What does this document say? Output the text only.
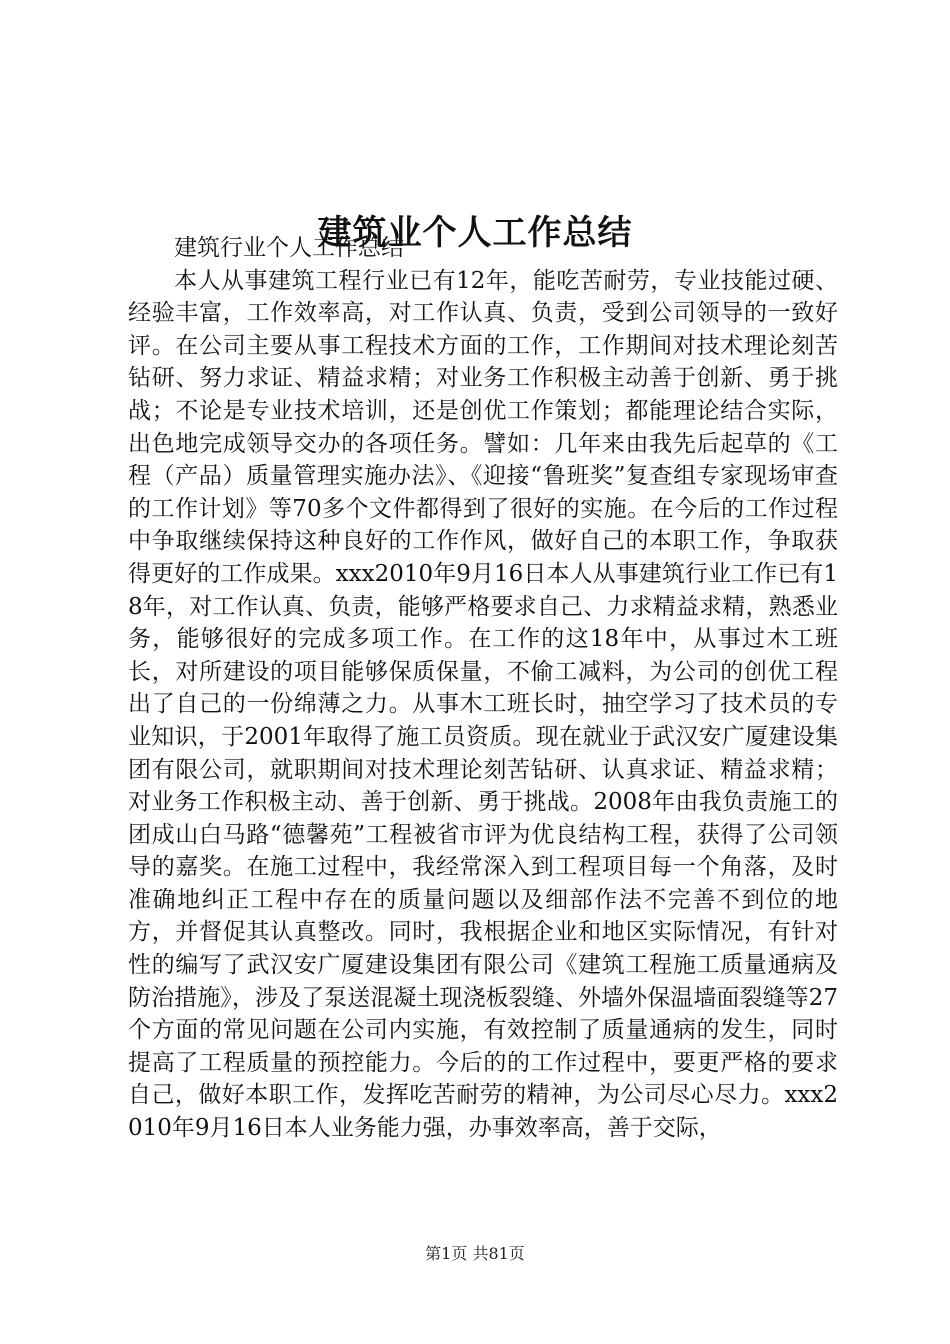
建筑业个人工作总结

建筑行业个人工作总结

本人从事建筑工程行业已有12年，能吃苦耐劳，专业技能过硬、经验丰富，工作效率高，对工作认真、负责，受到公司领导的一致好评。在公司主要从事工程技术方面的工作，工作期间对技术理论刻苦钻研、努力求证、精益求精；对业务工作积极主动善于创新、勇于挑战；不论是专业技术培训，还是创优工作策划；都能理论结合实际，出色地完成领导交办的各项任务。譬如：几年来由我先后起草的《工程（产品）质量管理实施办法》、《迎接“鲁班奖”复查组专家现场审查的工作计划》等70多个文件都得到了很好的实施。在今后的工作过程中争取继续保持这种良好的工作作风，做好自己的本职工作，争取获得更好的工作成果。xxx2010年9月16日本人从事建筑行业工作已有18年，对工作认真、负责，能够严格要求自己、力求精益求精，熟悉业务，能够很好的完成多项工作。在工作的这18年中，从事过木工班长，对所建设的项目能够保质保量，不偷工减料，为公司的创优工程出了自己的一份绵薄之力。从事木工班长时，抽空学习了技术员的专业知识，于2001年取得了施工员资质。现在就业于武汉安广厦建设集团有限公司，就职期间对技术理论刻苦钻研、认真求证、精益求精；对业务工作积极主动、善于创新、勇于挑战。2008年由我负责施工的团成山白马路“德馨苑”工程被省市评为优良结构工程，获得了公司领导的嘉奖。在施工过程中，我经常深入到工程项目每一个角落，及时准确地纠正工程中存在的质量问题以及细部作法不完善不到位的地方，并督促其认真整改。同时，我根据企业和地区实际情况，有针对性的编写了武汉安广厦建设集团有限公司《建筑工程施工质量通病及防治措施》，涉及了泵送混凝土现浇板裂缝、外墙外保温墙面裂缝等27个方面的常见问题在公司内实施，有效控制了质量通病的发生，同时提高了工程质量的预控能力。今后的的工作过程中，要更严格的要求自己，做好本职工作，发挥吃苦耐劳的精神，为公司尽心尽力。xxx2010年9月16日本人业务能力强，办事效率高，善于交际，

第1页 共81页
